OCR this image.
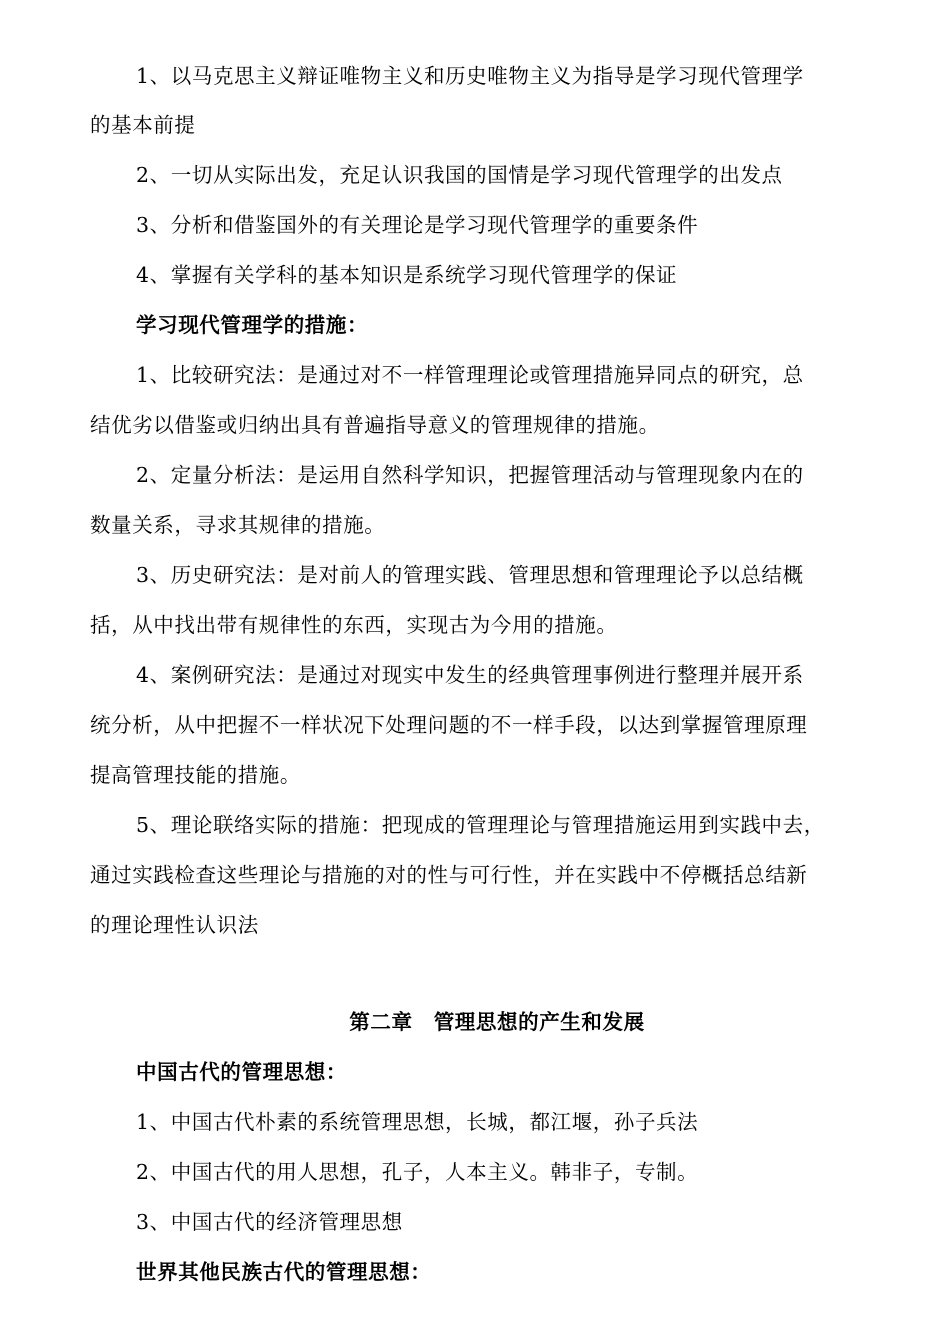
1、以马克思主义辩证唯物主义和历史唯物主义为指导是学习现代管理学
的基本前提
2、一切从实际出发，充足认识我国的国情是学习现代管理学的出发点
3、分析和借鉴国外的有关理论是学习现代管理学的重要条件
4、掌握有关学科的基本知识是系统学习现代管理学的保证
学习现代管理学的措施：
1、比较研究法：是通过对不一样管理理论或管理措施异同点的研究，总
结优劣以借鉴或归纳出具有普遍指导意义的管理规律的措施。
2、定量分析法：是运用自然科学知识，把握管理活动与管理现象内在的
数量关系，寻求其规律的措施。
3、历史研究法：是对前人的管理实践、管理思想和管理理论予以总结概
括，从中找出带有规律性的东西，实现古为今用的措施。
4、案例研究法：是通过对现实中发生的经典管理事例进行整理并展开系
统分析，从中把握不一样状况下处理问题的不一样手段，以达到掌握管理原理
提高管理技能的措施。
5、理论联络实际的措施：把现成的管理理论与管理措施运用到实践中去，
通过实践检查这些理论与措施的对的性与可行性，并在实践中不停概括总结新
的理论理性认识法
第二章　管理思想的产生和发展
中国古代的管理思想：
1、中国古代朴素的系统管理思想，长城，都江堰，孙子兵法
2、中国古代的用人思想，孔子，人本主义。韩非子，专制。
3、中国古代的经济管理思想
世界其他民族古代的管理思想：
